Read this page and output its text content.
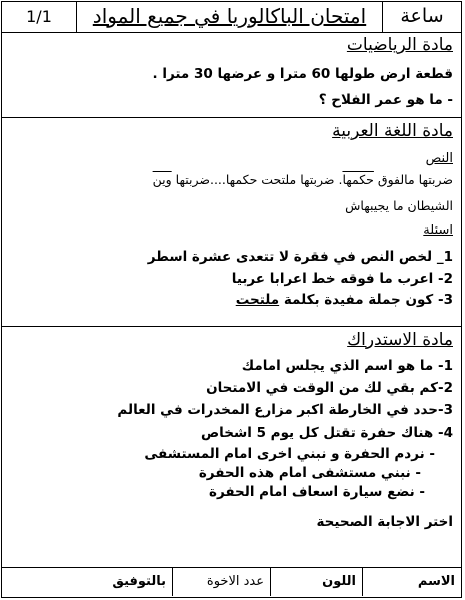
ساعة
امتحان الباكالوريا في جميع المواد
1/1
مادة الرياضيات
قطعة ارض طولها 60 مترا و عرضها 30 مترا .
- ما هو عمر الفلاح ؟
مادة اللغة العربية
النص
ضربتها مالفوق حكمها. ضربتها ملتحت حكمها....ضربتها وين
الشيطان ما يجيبهاش
اسئلة
1_ لخص النص في فقرة لا تتعدى عشرة اسطر
2- اعرب ما فوقه خط اعرابا عربيا
3- كون جملة مفيدة بكلمة ملتحت
مادة الاستدراك
1- ما هو اسم الذي يجلس امامك
2-كم بقي لك من الوقت في الامتحان
3-حدد في الخارطة اكبر مزارع المخدرات في العالم
4- هناك حفرة تقتل كل يوم 5 اشخاص
- نردم الحفرة و نبني اخرى امام المستشفى
- نبني مستشفى امام هذه الحفرة
- نضع سيارة اسعاف امام الحفرة
اختر الاجابة الصحيحة
الاسم
اللون
عدد الاخوة
بالتوفيق
